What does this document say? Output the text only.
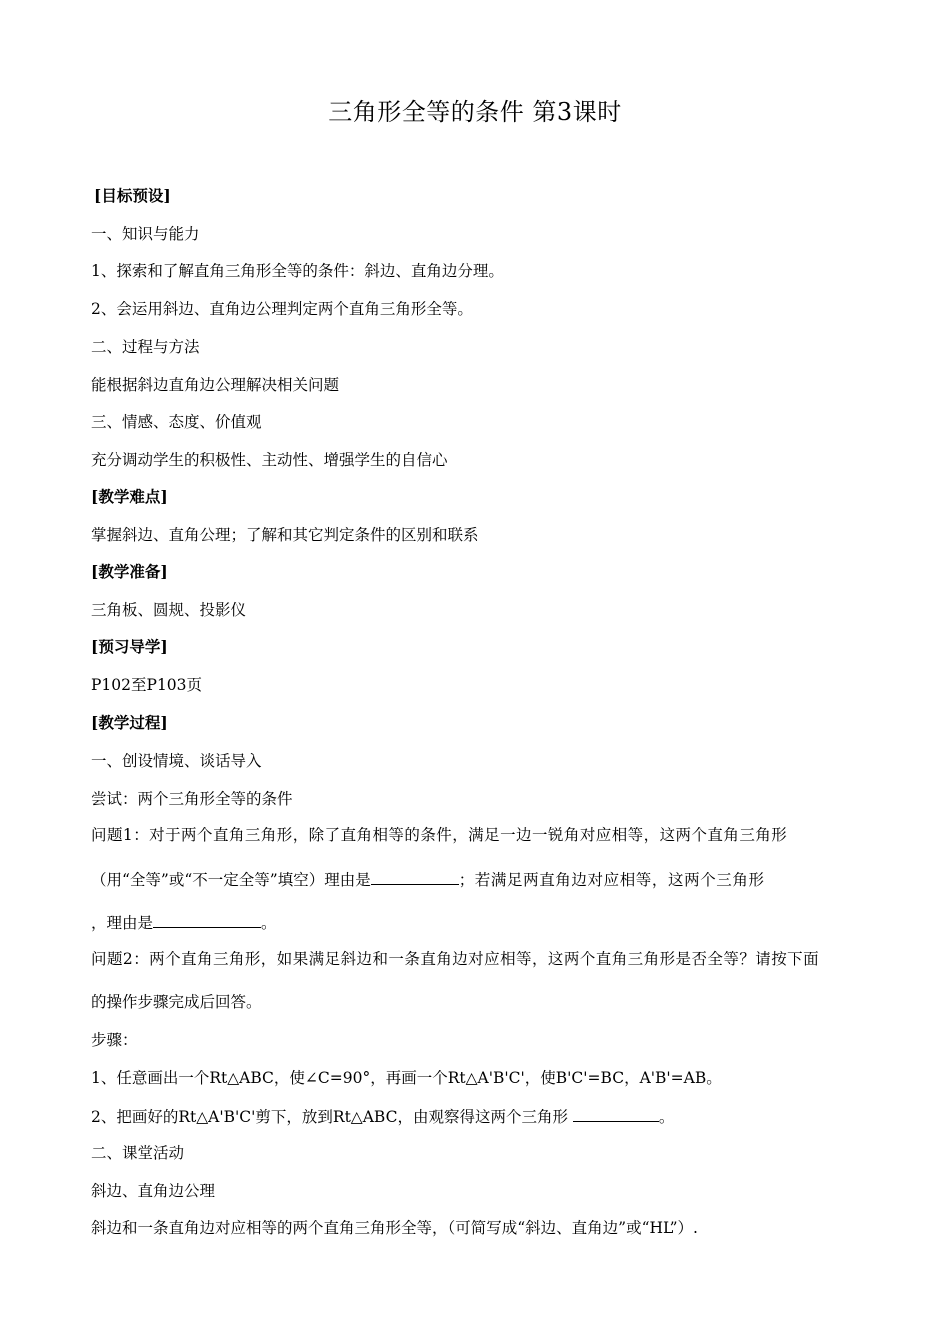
三角形全等的条件 第3课时
[目标预设]
一、知识与能力
1、探索和了解直角三角形全等的条件：斜边、直角边分理。
2、会运用斜边、直角边公理判定两个直角三角形全等。
二、过程与方法
能根据斜边直角边公理解决相关问题
三、情感、态度、价值观
充分调动学生的积极性、主动性、增强学生的自信心
[教学难点]
掌握斜边、直角公理；了解和其它判定条件的区别和联系
[教学准备]
三角板、圆规、投影仪
[预习导学]
P102至P103页
[教学过程]
一、创设情境、谈话导入
尝试：两个三角形全等的条件
问题1：对于两个直角三角形，除了直角相等的条件，满足一边一锐角对应相等，这两个直角三角形
（用“全等”或“不一定全等”填空）理由是	；若满足两直角边对应相等，这两个三角形
，理由是	。
问题2：两个直角三角形，如果满足斜边和一条直角边对应相等，这两个直角三角形是否全等？请按下面
的操作步骤完成后回答。
步骤：
1、任意画出一个Rt△ABC，使∠C=90°，再画一个Rt△A'B'C'，使B'C'=BC，A'B'=AB。
2、把画好的Rt△A'B'C'剪下，放到Rt△ABC，由观察得这两个三角形	。
二、课堂活动
斜边、直角边公理
斜边和一条直角边对应相等的两个直角三角形全等，（可简写成“斜边、直角边”或“HL”）.
